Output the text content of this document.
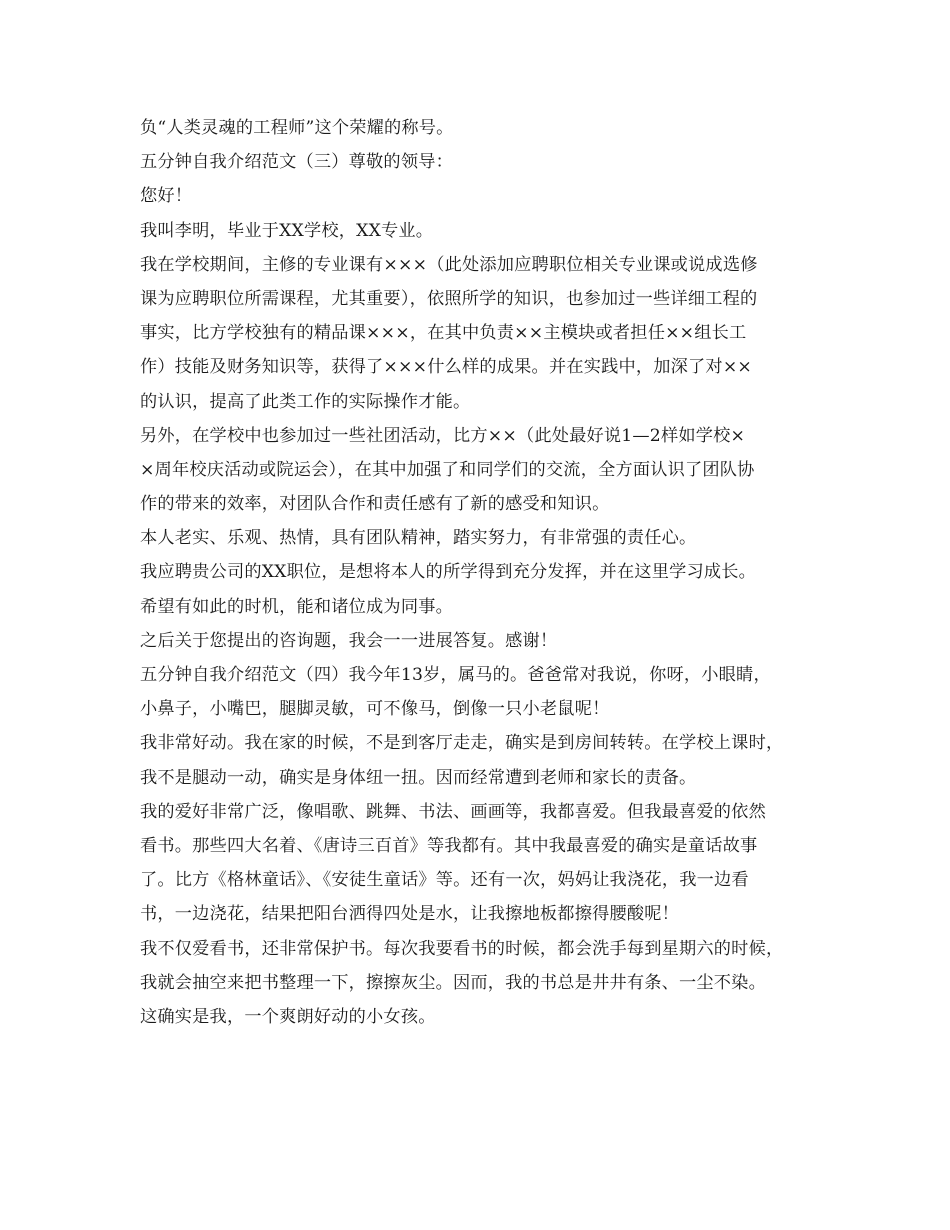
负“人类灵魂的工程师”这个荣耀的称号。
五分钟自我介绍范文（三）尊敬的领导：
您好！
我叫李明，毕业于XX学校，XX专业。
我在学校期间，主修的专业课有×××（此处添加应聘职位相关专业课或说成选修
课为应聘职位所需课程，尤其重要），依照所学的知识，也参加过一些详细工程的
事实，比方学校独有的精品课×××，在其中负责××主模块或者担任××组长工
作）技能及财务知识等，获得了×××什么样的成果。并在实践中，加深了对××
的认识，提高了此类工作的实际操作才能。
另外，在学校中也参加过一些社团活动，比方××（此处最好说1—2样如学校×
×周年校庆活动或院运会），在其中加强了和同学们的交流，全方面认识了团队协
作的带来的效率，对团队合作和责任感有了新的感受和知识。
本人老实、乐观、热情，具有团队精神，踏实努力，有非常强的责任心。
我应聘贵公司的XX职位，是想将本人的所学得到充分发挥，并在这里学习成长。
希望有如此的时机，能和诸位成为同事。
之后关于您提出的咨询题，我会一一进展答复。感谢！
五分钟自我介绍范文（四）我今年13岁，属马的。爸爸常对我说，你呀，小眼睛，
小鼻子，小嘴巴，腿脚灵敏，可不像马，倒像一只小老鼠呢！
我非常好动。我在家的时候，不是到客厅走走，确实是到房间转转。在学校上课时，
我不是腿动一动，确实是身体纽一扭。因而经常遭到老师和家长的责备。
我的爱好非常广泛，像唱歌、跳舞、书法、画画等，我都喜爱。但我最喜爱的依然
看书。那些四大名着、《唐诗三百首》等我都有。其中我最喜爱的确实是童话故事
了。比方《格林童话》、《安徒生童话》等。还有一次，妈妈让我浇花，我一边看
书，一边浇花，结果把阳台洒得四处是水，让我擦地板都擦得腰酸呢！
我不仅爱看书，还非常保护书。每次我要看书的时候，都会洗手每到星期六的时候，
我就会抽空来把书整理一下，擦擦灰尘。因而，我的书总是井井有条、一尘不染。
这确实是我，一个爽朗好动的小女孩。
